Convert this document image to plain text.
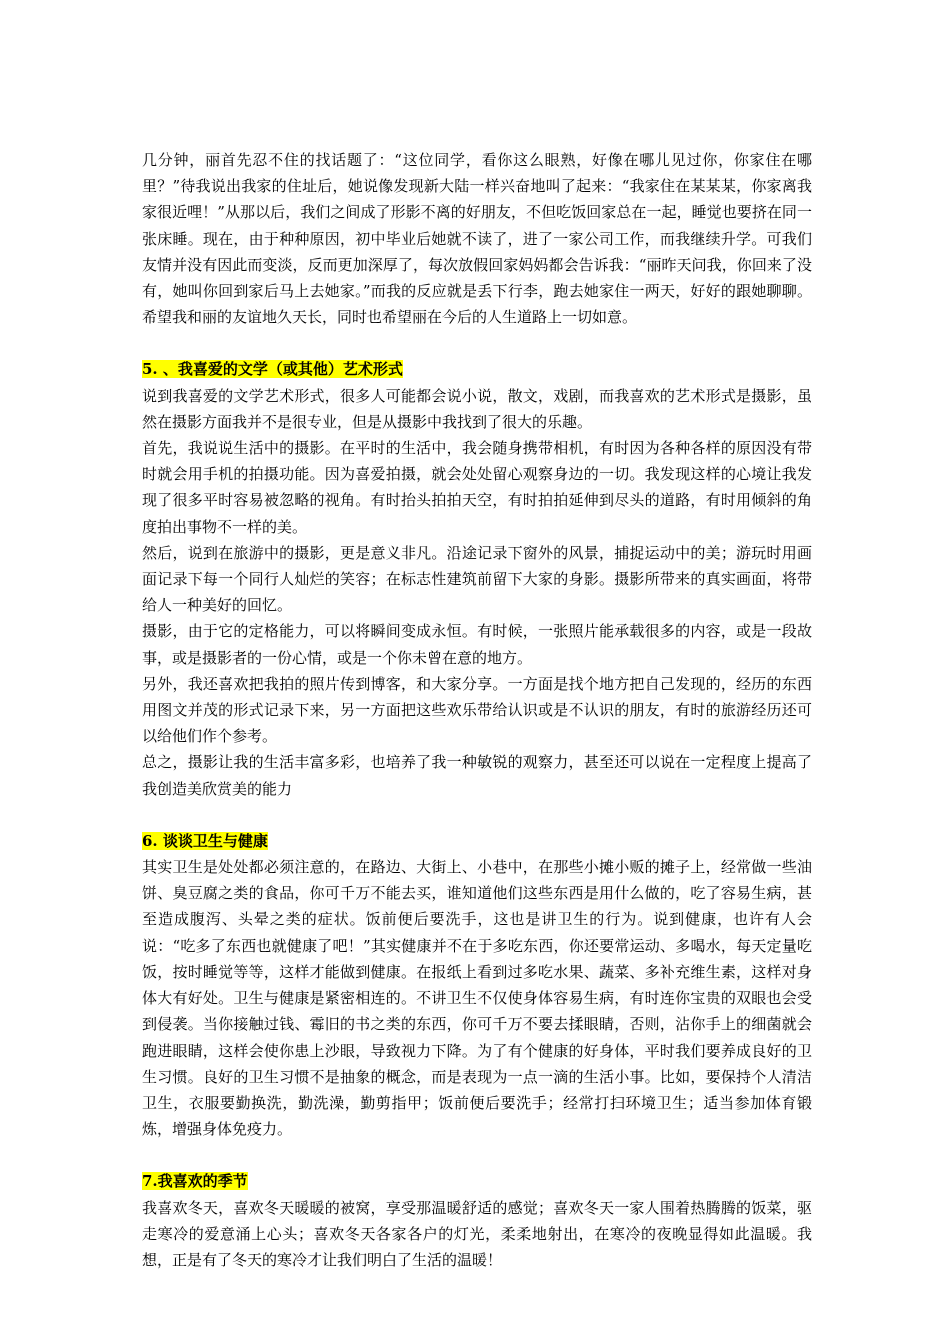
几分钟，丽首先忍不住的找话题了：“这位同学，看你这么眼熟，好像在哪儿见过你，你家住在哪里？”待我说出我家的住址后，她说像发现新大陆一样兴奋地叫了起来：“我家住在某某某，你家离我家很近哩！”从那以后，我们之间成了形影不离的好朋友，不但吃饭回家总在一起，睡觉也要挤在同一张床睡。现在，由于种种原因，初中毕业后她就不读了，进了一家公司工作，而我继续升学。可我们友情并没有因此而变淡，反而更加深厚了，每次放假回家妈妈都会告诉我：“丽昨天问我，你回来了没有，她叫你回到家后马上去她家。”而我的反应就是丢下行李，跑去她家住一两天，好好的跟她聊聊。希望我和丽的友谊地久天长，同时也希望丽在今后的人生道路上一切如意。

5. 、我喜爱的文学（或其他）艺术形式

说到我喜爱的文学艺术形式，很多人可能都会说小说，散文，戏剧，而我喜欢的艺术形式是摄影，虽然在摄影方面我并不是很专业，但是从摄影中我找到了很大的乐趣。

首先，我说说生活中的摄影。在平时的生活中，我会随身携带相机，有时因为各种各样的原因没有带时就会用手机的拍摄功能。因为喜爱拍摄，就会处处留心观察身边的一切。我发现这样的心境让我发现了很多平时容易被忽略的视角。有时抬头拍拍天空，有时拍拍延伸到尽头的道路，有时用倾斜的角度拍出事物不一样的美。

然后，说到在旅游中的摄影，更是意义非凡。沿途记录下窗外的风景，捕捉运动中的美；游玩时用画面记录下每一个同行人灿烂的笑容；在标志性建筑前留下大家的身影。摄影所带来的真实画面，将带给人一种美好的回忆。

摄影，由于它的定格能力，可以将瞬间变成永恒。有时候，一张照片能承载很多的内容，或是一段故事，或是摄影者的一份心情，或是一个你未曾在意的地方。

另外，我还喜欢把我拍的照片传到博客，和大家分享。一方面是找个地方把自己发现的，经历的东西用图文并茂的形式记录下来，另一方面把这些欢乐带给认识或是不认识的朋友，有时的旅游经历还可以给他们作个参考。

总之，摄影让我的生活丰富多彩，也培养了我一种敏锐的观察力，甚至还可以说在一定程度上提高了我创造美欣赏美的能力

6. 谈谈卫生与健康

其实卫生是处处都必须注意的，在路边、大街上、小巷中，在那些小摊小贩的摊子上，经常做一些油饼、臭豆腐之类的食品，你可千万不能去买，谁知道他们这些东西是用什么做的，吃了容易生病，甚至造成腹泻、头晕之类的症状。饭前便后要洗手，这也是讲卫生的行为。说到健康，也许有人会说：“吃多了东西也就健康了吧！”其实健康并不在于多吃东西，你还要常运动、多喝水，每天定量吃饭，按时睡觉等等，这样才能做到健康。在报纸上看到过多吃水果、蔬菜、多补充维生素，这样对身体大有好处。卫生与健康是紧密相连的。不讲卫生不仅使身体容易生病，有时连你宝贵的双眼也会受到侵袭。当你接触过钱、霉旧的书之类的东西，你可千万不要去揉眼睛，否则，沾你手上的细菌就会跑进眼睛，这样会使你患上沙眼，导致视力下降。为了有个健康的好身体，平时我们要养成良好的卫生习惯。良好的卫生习惯不是抽象的概念，而是表现为一点一滴的生活小事。比如，要保持个人清洁卫生，衣服要勤换洗，勤洗澡，勤剪指甲；饭前便后要洗手；经常打扫环境卫生；适当参加体育锻炼，增强身体免疫力。

7.我喜欢的季节

我喜欢冬天，喜欢冬天暖暖的被窝，享受那温暖舒适的感觉；喜欢冬天一家人围着热腾腾的饭菜，驱走寒冷的爱意涌上心头；喜欢冬天各家各户的灯光，柔柔地射出，在寒冷的夜晚显得如此温暖。我想，正是有了冬天的寒冷才让我们明白了生活的温暖！
